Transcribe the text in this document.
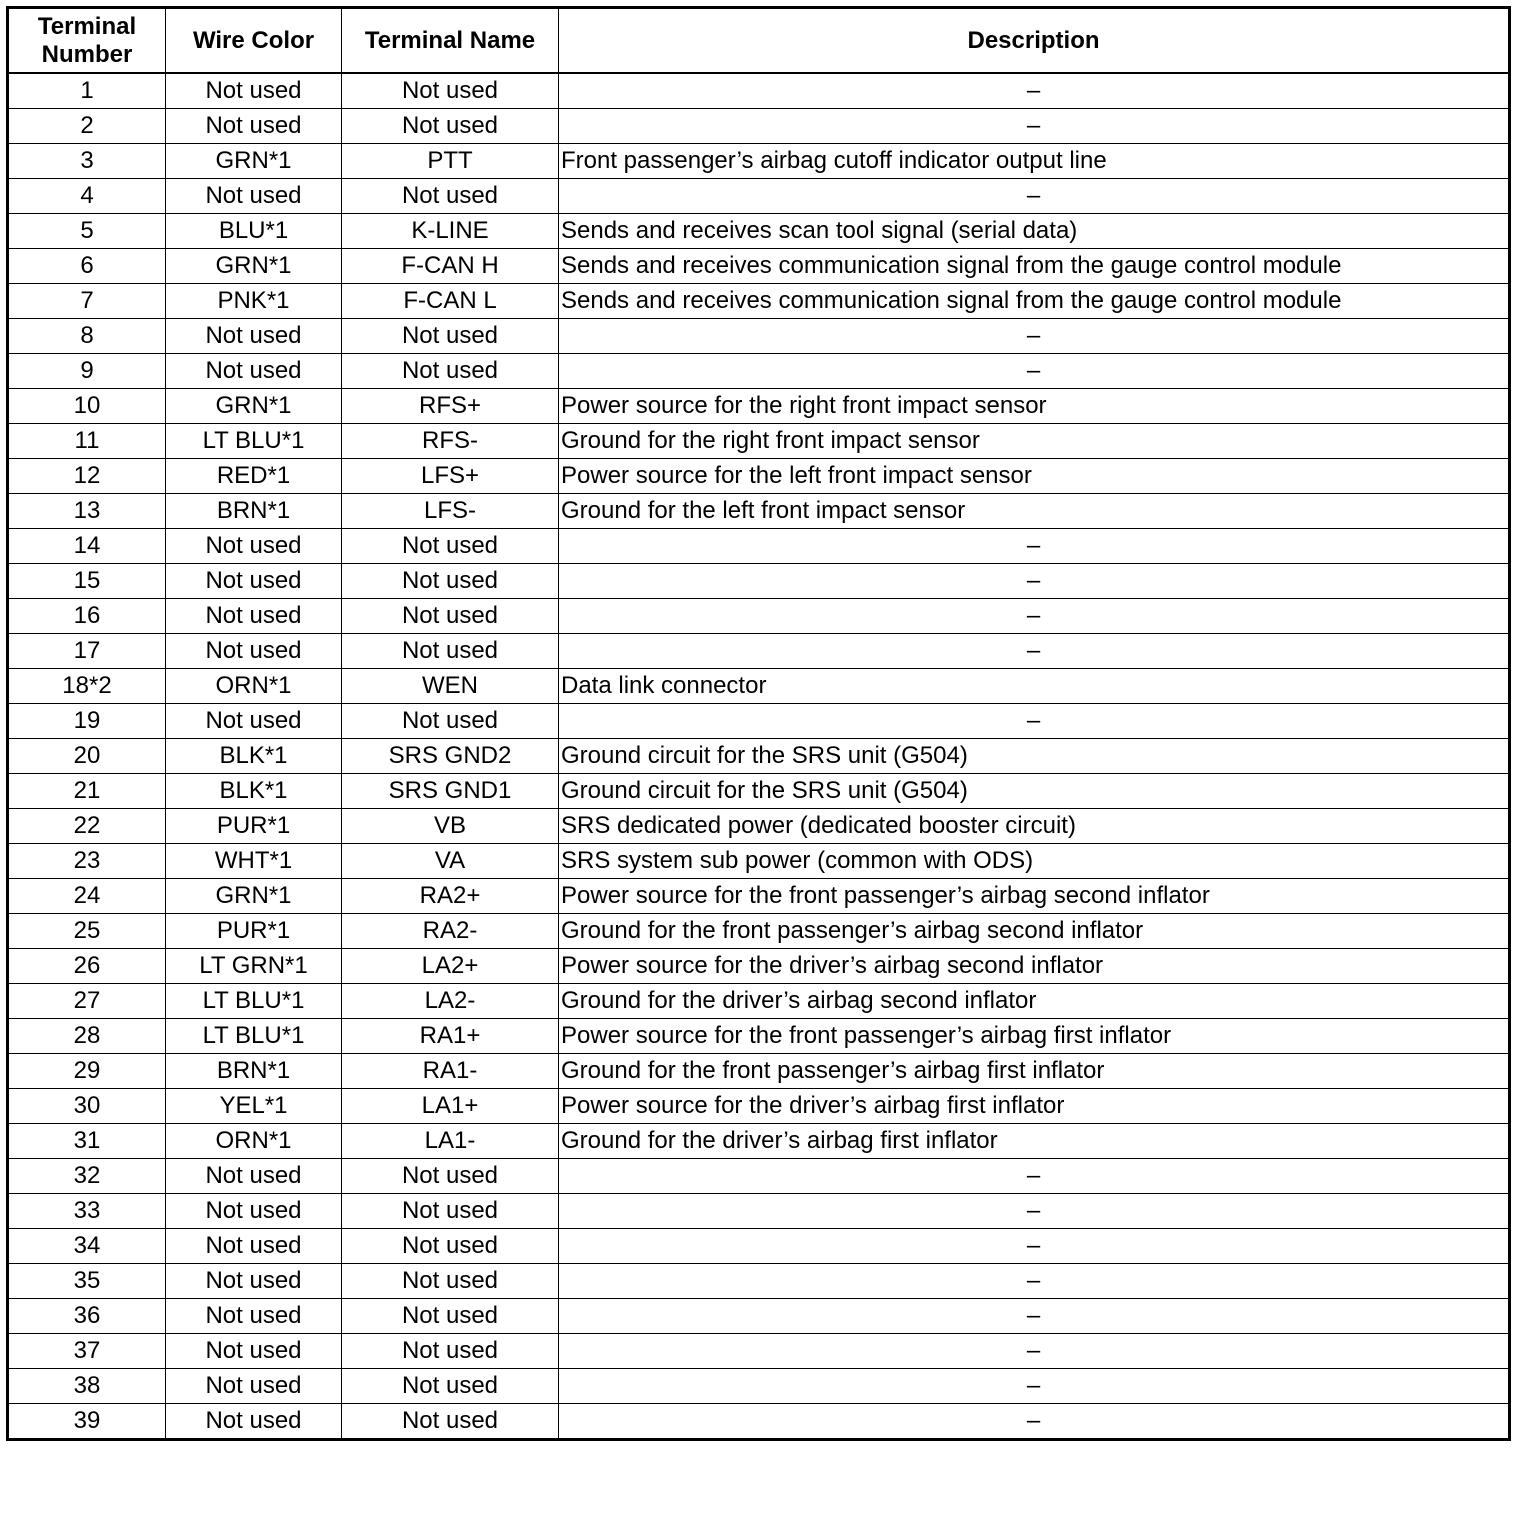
Terminal
Number	Wire Color	Terminal Name	Description
1	Not used	Not used	–
2	Not used	Not used	–
3	GRN*1	PTT	Front passenger’s airbag cutoff indicator output line
4	Not used	Not used	–
5	BLU*1	K-LINE	Sends and receives scan tool signal (serial data)
6	GRN*1	F-CAN H	Sends and receives communication signal from the gauge control module
7	PNK*1	F-CAN L	Sends and receives communication signal from the gauge control module
8	Not used	Not used	–
9	Not used	Not used	–
10	GRN*1	RFS+	Power source for the right front impact sensor
11	LT BLU*1	RFS-	Ground for the right front impact sensor
12	RED*1	LFS+	Power source for the left front impact sensor
13	BRN*1	LFS-	Ground for the left front impact sensor
14	Not used	Not used	–
15	Not used	Not used	–
16	Not used	Not used	–
17	Not used	Not used	–
18*2	ORN*1	WEN	Data link connector
19	Not used	Not used	–
20	BLK*1	SRS GND2	Ground circuit for the SRS unit (G504)
21	BLK*1	SRS GND1	Ground circuit for the SRS unit (G504)
22	PUR*1	VB	SRS dedicated power (dedicated booster circuit)
23	WHT*1	VA	SRS system sub power (common with ODS)
24	GRN*1	RA2+	Power source for the front passenger’s airbag second inflator
25	PUR*1	RA2-	Ground for the front passenger’s airbag second inflator
26	LT GRN*1	LA2+	Power source for the driver’s airbag second inflator
27	LT BLU*1	LA2-	Ground for the driver’s airbag second inflator
28	LT BLU*1	RA1+	Power source for the front passenger’s airbag first inflator
29	BRN*1	RA1-	Ground for the front passenger’s airbag first inflator
30	YEL*1	LA1+	Power source for the driver’s airbag first inflator
31	ORN*1	LA1-	Ground for the driver’s airbag first inflator
32	Not used	Not used	–
33	Not used	Not used	–
34	Not used	Not used	–
35	Not used	Not used	–
36	Not used	Not used	–
37	Not used	Not used	–
38	Not used	Not used	–
39	Not used	Not used	–
